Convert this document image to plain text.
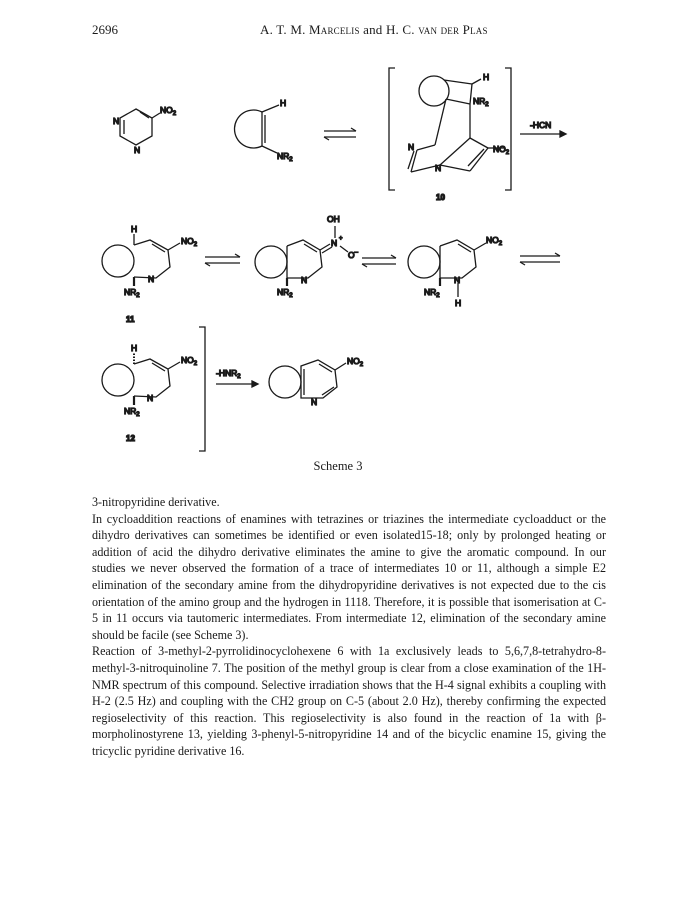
2696	A. T. M. Marcelis and H. C. van der Plas
$NO_2$
N
N
H
$NR_2$
H
$NR_2$
N
N
$NO_2$
10
-HCN
H
$NO_2$
N
$NR_2$
11
OH
N +
O–
N
$NR_2$
$NO_2$
N
$NR_2$
H
H
$NO_2$
N
$NR_2$
12
$-HNR_2$
$NO_2$
N
Scheme 3

3-nitropyridine derivative.

In cycloaddition reactions of enamines with tetrazines or triazines the intermediate cycloadduct or the dihydro derivatives can sometimes be identified or even isolated15-18; only by prolonged heating or addition of acid the dihydro derivative eliminates the amine to give the aromatic compound. In our studies we never observed the formation of a trace of intermediates 10 or 11, although a simple E2 elimination of the secondary amine from the dihydropyridine derivatives is not expected due to the cis orientation of the amino group and the hydrogen in 1118. Therefore, it is possible that isomerisation at C-5 in 11 occurs via tautomeric intermediates. From intermediate 12, elimination of the secondary amine should be facile (see Scheme 3).

Reaction of 3-methyl-2-pyrrolidinocyclohexene 6 with 1a exclusively leads to 5,6,7,8-tetrahydro-8-methyl-3-nitroquinoline 7. The position of the methyl group is clear from a close examination of the 1H-NMR spectrum of this compound. Selective irradiation shows that the H-4 signal exhibits a coupling with H-2 (2.5 Hz) and coupling with the CH2 group on C-5 (about 2.0 Hz), thereby confirming the expected regioselectivity of this reaction. This regioselectivity is also found in the reaction of 1a with β-morpholinostyrene 13, yielding 3-phenyl-5-nitropyridine 14 and of the bicyclic enamine 15, giving the tricyclic pyridine derivative 16.
